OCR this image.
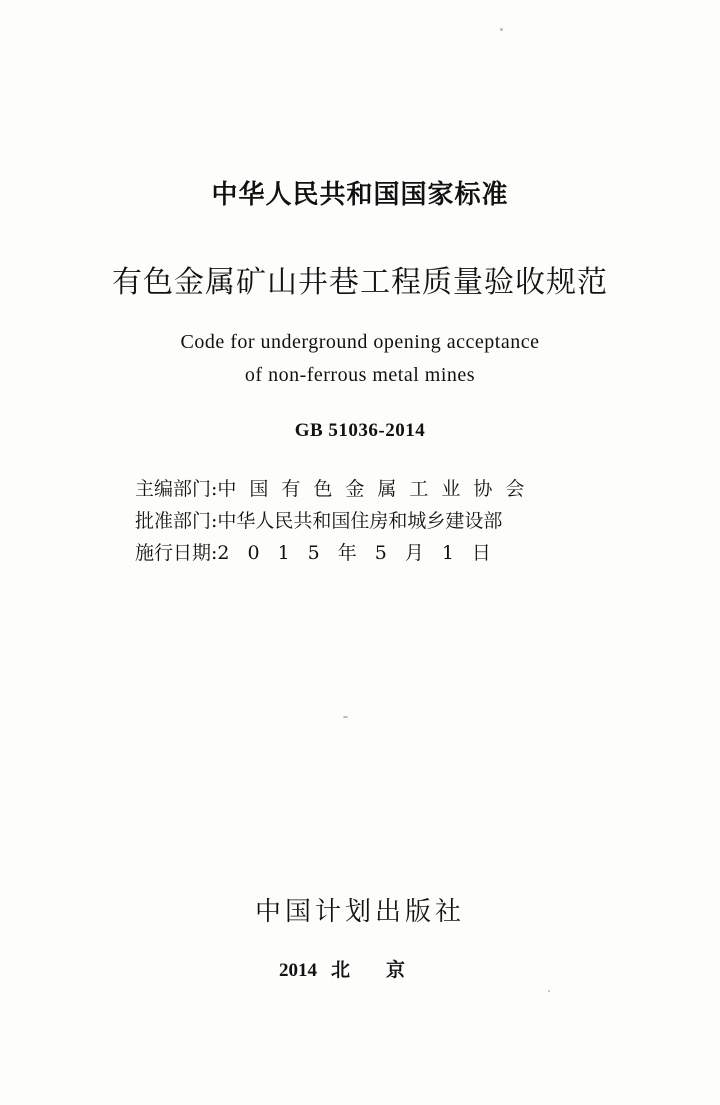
中华人民共和国国家标准
有色金属矿山井巷工程质量验收规范
Code for underground opening acceptance
of non-ferrous metal mines
GB 51036-2014
主编部门:中国有色金属工业协会
批准部门:中华人民共和国住房和城乡建设部
施行日期:2015年5月1日
中国计划出版社
2014 北京
